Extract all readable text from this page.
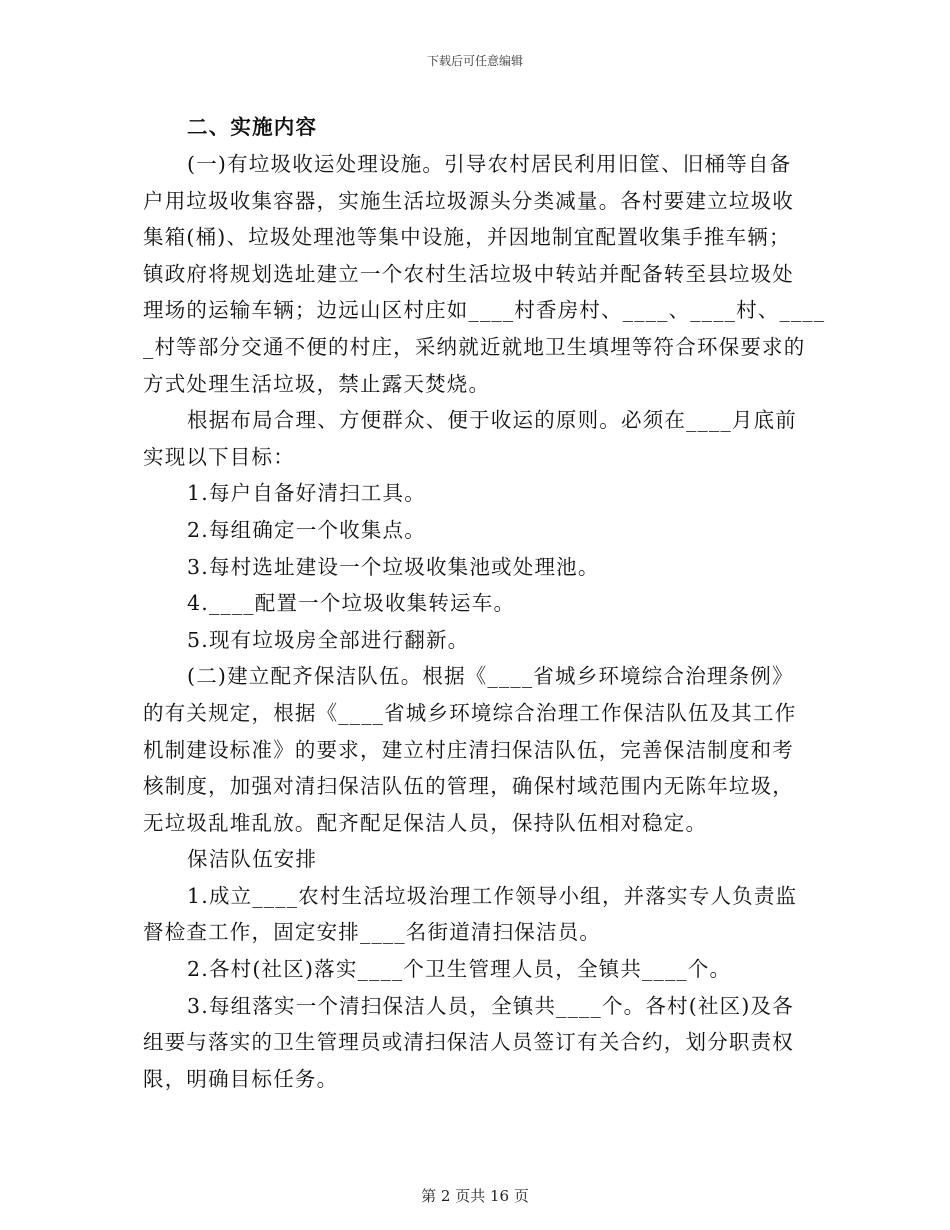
下载后可任意编辑
二、实施内容
(一)有垃圾收运处理设施。引导农村居民利用旧筐、旧桶等自备
户用垃圾收集容器，实施生活垃圾源头分类减量。各村要建立垃圾收
集箱(桶)、垃圾处理池等集中设施，并因地制宜配置收集手推车辆；
镇政府将规划选址建立一个农村生活垃圾中转站并配备转至县垃圾处
理场的运输车辆；边远山区村庄如____村香房村、____、____村、____
_村等部分交通不便的村庄，采纳就近就地卫生填埋等符合环保要求的
方式处理生活垃圾，禁止露天焚烧。
根据布局合理、方便群众、便于收运的原则。必须在____月底前
实现以下目标：
1.每户自备好清扫工具。
2.每组确定一个收集点。
3.每村选址建设一个垃圾收集池或处理池。
4.____配置一个垃圾收集转运车。
5.现有垃圾房全部进行翻新。
(二)建立配齐保洁队伍。根据《____省城乡环境综合治理条例》
的有关规定，根据《____省城乡环境综合治理工作保洁队伍及其工作
机制建设标准》的要求，建立村庄清扫保洁队伍，完善保洁制度和考
核制度，加强对清扫保洁队伍的管理，确保村域范围内无陈年垃圾，
无垃圾乱堆乱放。配齐配足保洁人员，保持队伍相对稳定。
保洁队伍安排
1.成立____农村生活垃圾治理工作领导小组，并落实专人负责监
督检查工作，固定安排____名街道清扫保洁员。
2.各村(社区)落实____个卫生管理人员，全镇共____个。
3.每组落实一个清扫保洁人员，全镇共____个。各村(社区)及各
组要与落实的卫生管理员或清扫保洁人员签订有关合约，划分职责权
限，明确目标任务。
第 2 页共 16 页
